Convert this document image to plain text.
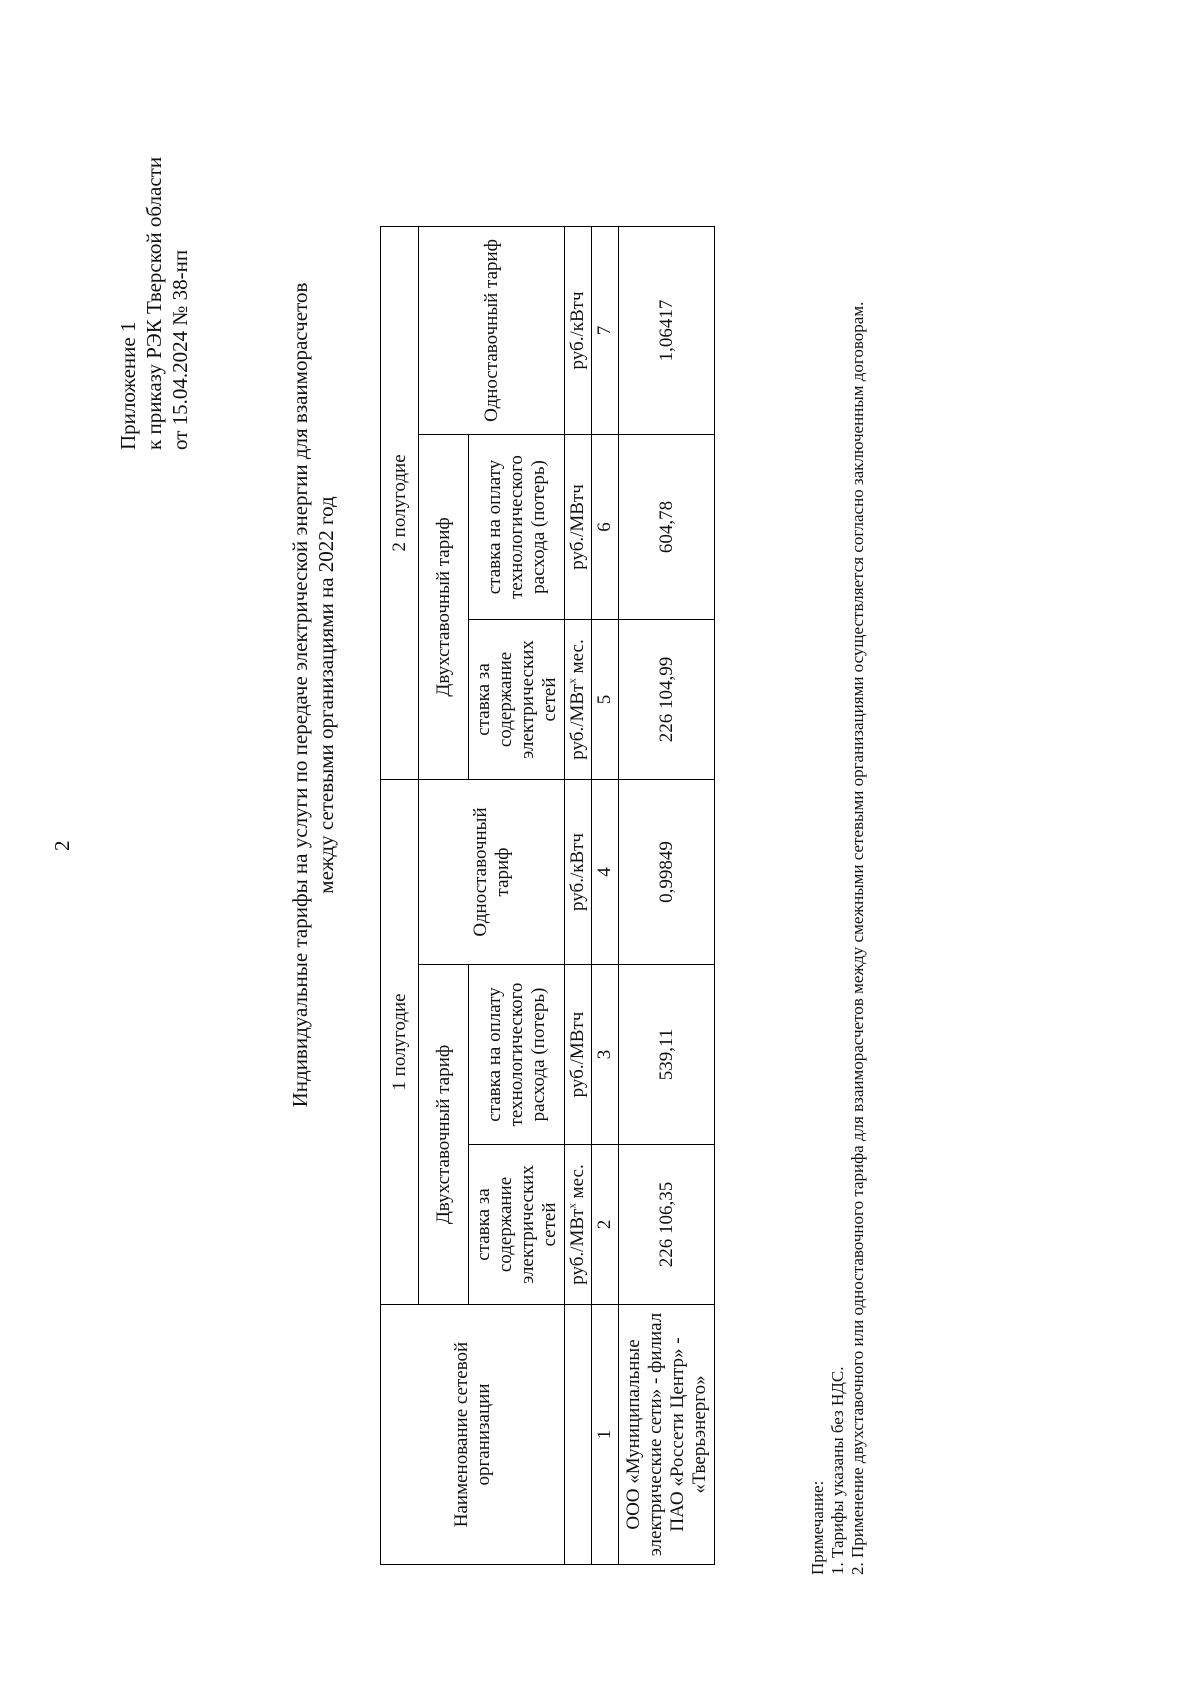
2
Приложение 1 к приказу РЭК Тверской области от 15.04.2024 № 38-нп	Индивидуальные тарифы на услуги по передаче электрической энергии для взаиморасчетов между сетевыми организациями на 2022 год
Наименование сетевой организации	1 полугодие			2 полугодие		
	Двухставочный тариф		Одноставочный тариф	Двухставочный тариф		Одноставочный тариф
	ставка за содержание электрических сетей	ставка на оплату технологического расхода (потерь)		ставка за содержание электрических сетей	ставка на оплату технологического расхода (потерь)	
	руб./МВт$^х$ мес.	руб./МВтч	руб./кВтч	руб./МВт$^х$ мес.	руб./МВтч	руб./кВтч
1	2	3	4	5	6	7
ООО «Муниципальные электрические сети» - филиал ПАО «Россети Центр» - «Тверьэнерго»	226 106,35	539,11	0,99849	226 104,99	604,78	1,06417
Примечание: 1. Тарифы указаны без НДС. 2. Применение двухставочного или одноставочного тарифа для взаиморасчетов между смежными сетевыми организациями осуществляется согласно заключенным договорам.
